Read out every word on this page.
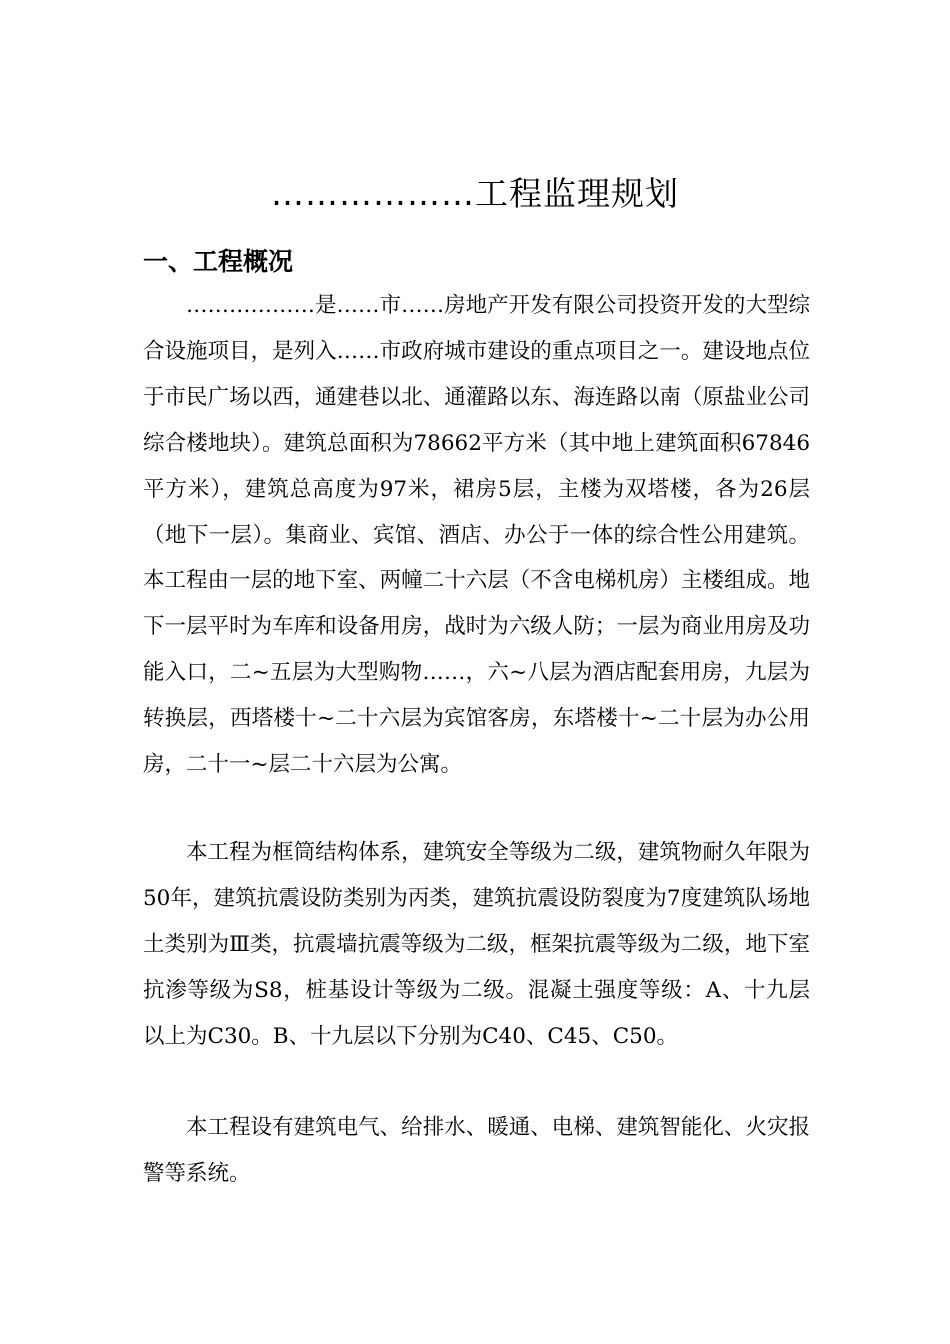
………………工程监理规划
一、工程概况

………………是……市……房地产开发有限公司投资开发的大型综合设施项目，是列入……市政府城市建设的重点项目之一。建设地点位于市民广场以西，通建巷以北、通灌路以东、海连路以南（原盐业公司综合楼地块）。建筑总面积为78662平方米（其中地上建筑面积67846平方米），建筑总高度为97米，裙房5层，主楼为双塔楼，各为26层（地下一层）。集商业、宾馆、酒店、办公于一体的综合性公用建筑。本工程由一层的地下室、两幢二十六层（不含电梯机房）主楼组成。地下一层平时为车库和设备用房，战时为六级人防；一层为商业用房及功能入口，二~五层为大型购物……，六~八层为酒店配套用房，九层为转换层，西塔楼十~二十六层为宾馆客房，东塔楼十~二十层为办公用房，二十一~层二十六层为公寓。

本工程为框筒结构体系，建筑安全等级为二级，建筑物耐久年限为50年，建筑抗震设防类别为丙类，建筑抗震设防裂度为7度建筑队场地土类别为Ⅲ类，抗震墙抗震等级为二级，框架抗震等级为二级，地下室抗渗等级为S8，桩基设计等级为二级。混凝土强度等级：A、十九层以上为C30。B、十九层以下分别为C40、C45、C50。

本工程设有建筑电气、给排水、暖通、电梯、建筑智能化、火灾报警等系统。
